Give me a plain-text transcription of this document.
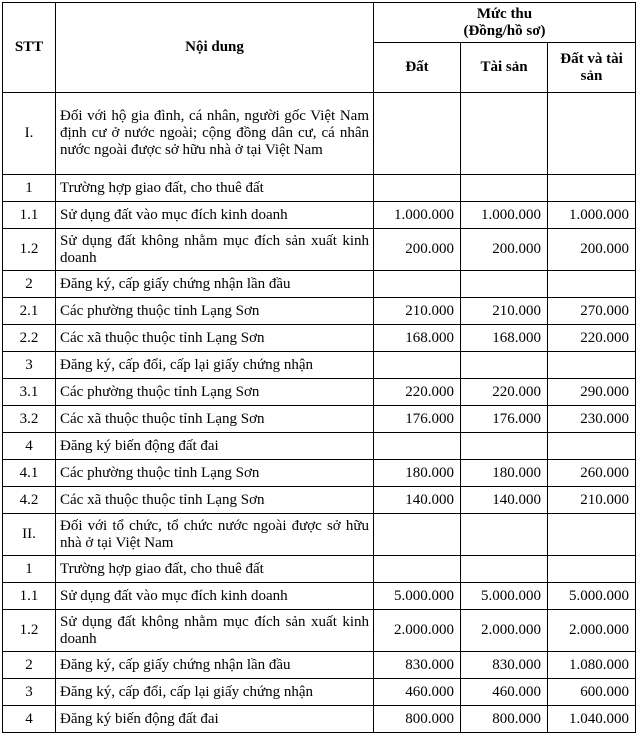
STT	Nội dung	Mức thu
(Đồng/hồ sơ)		

		Đất	Tài sản	Đất và tài
sản

I.	Đối với hộ gia đình, cá nhân, người gốc Việt Nam định cư ở nước ngoài; cộng đồng dân cư, cá nhân nước ngoài được sở hữu nhà ở tại Việt Nam			
1	Trường hợp giao đất, cho thuê đất			
1.1	Sử dụng đất vào mục đích kinh doanh	1.000.000	1.000.000	1.000.000
1.2	Sử dụng đất không nhằm mục đích sản xuất kinh doanh	200.000	200.000	200.000
2	Đăng ký, cấp giấy chứng nhận lần đầu			
2.1	Các phường thuộc tỉnh Lạng Sơn	210.000	210.000	270.000
2.2	Các xã thuộc thuộc tỉnh Lạng Sơn	168.000	168.000	220.000
3	Đăng ký, cấp đổi, cấp lại giấy chứng nhận			
3.1	Các phường thuộc tỉnh Lạng Sơn	220.000	220.000	290.000
3.2	Các xã thuộc thuộc tỉnh Lạng Sơn	176.000	176.000	230.000
4	Đăng ký biến động đất đai			
4.1	Các phường thuộc tỉnh Lạng Sơn	180.000	180.000	260.000
4.2	Các xã thuộc thuộc tỉnh Lạng Sơn	140.000	140.000	210.000
II.	Đối với tổ chức, tổ chức nước ngoài được sở hữu nhà ở tại Việt Nam			
1	Trường hợp giao đất, cho thuê đất			
1.1	Sử dụng đất vào mục đích kinh doanh	5.000.000	5.000.000	5.000.000
1.2	Sử dụng đất không nhằm mục đích sản xuất kinh doanh	2.000.000	2.000.000	2.000.000
2	Đăng ký, cấp giấy chứng nhận lần đầu	830.000	830.000	1.080.000
3	Đăng ký, cấp đổi, cấp lại giấy chứng nhận	460.000	460.000	600.000
4	Đăng ký biến động đất đai	800.000	800.000	1.040.000
